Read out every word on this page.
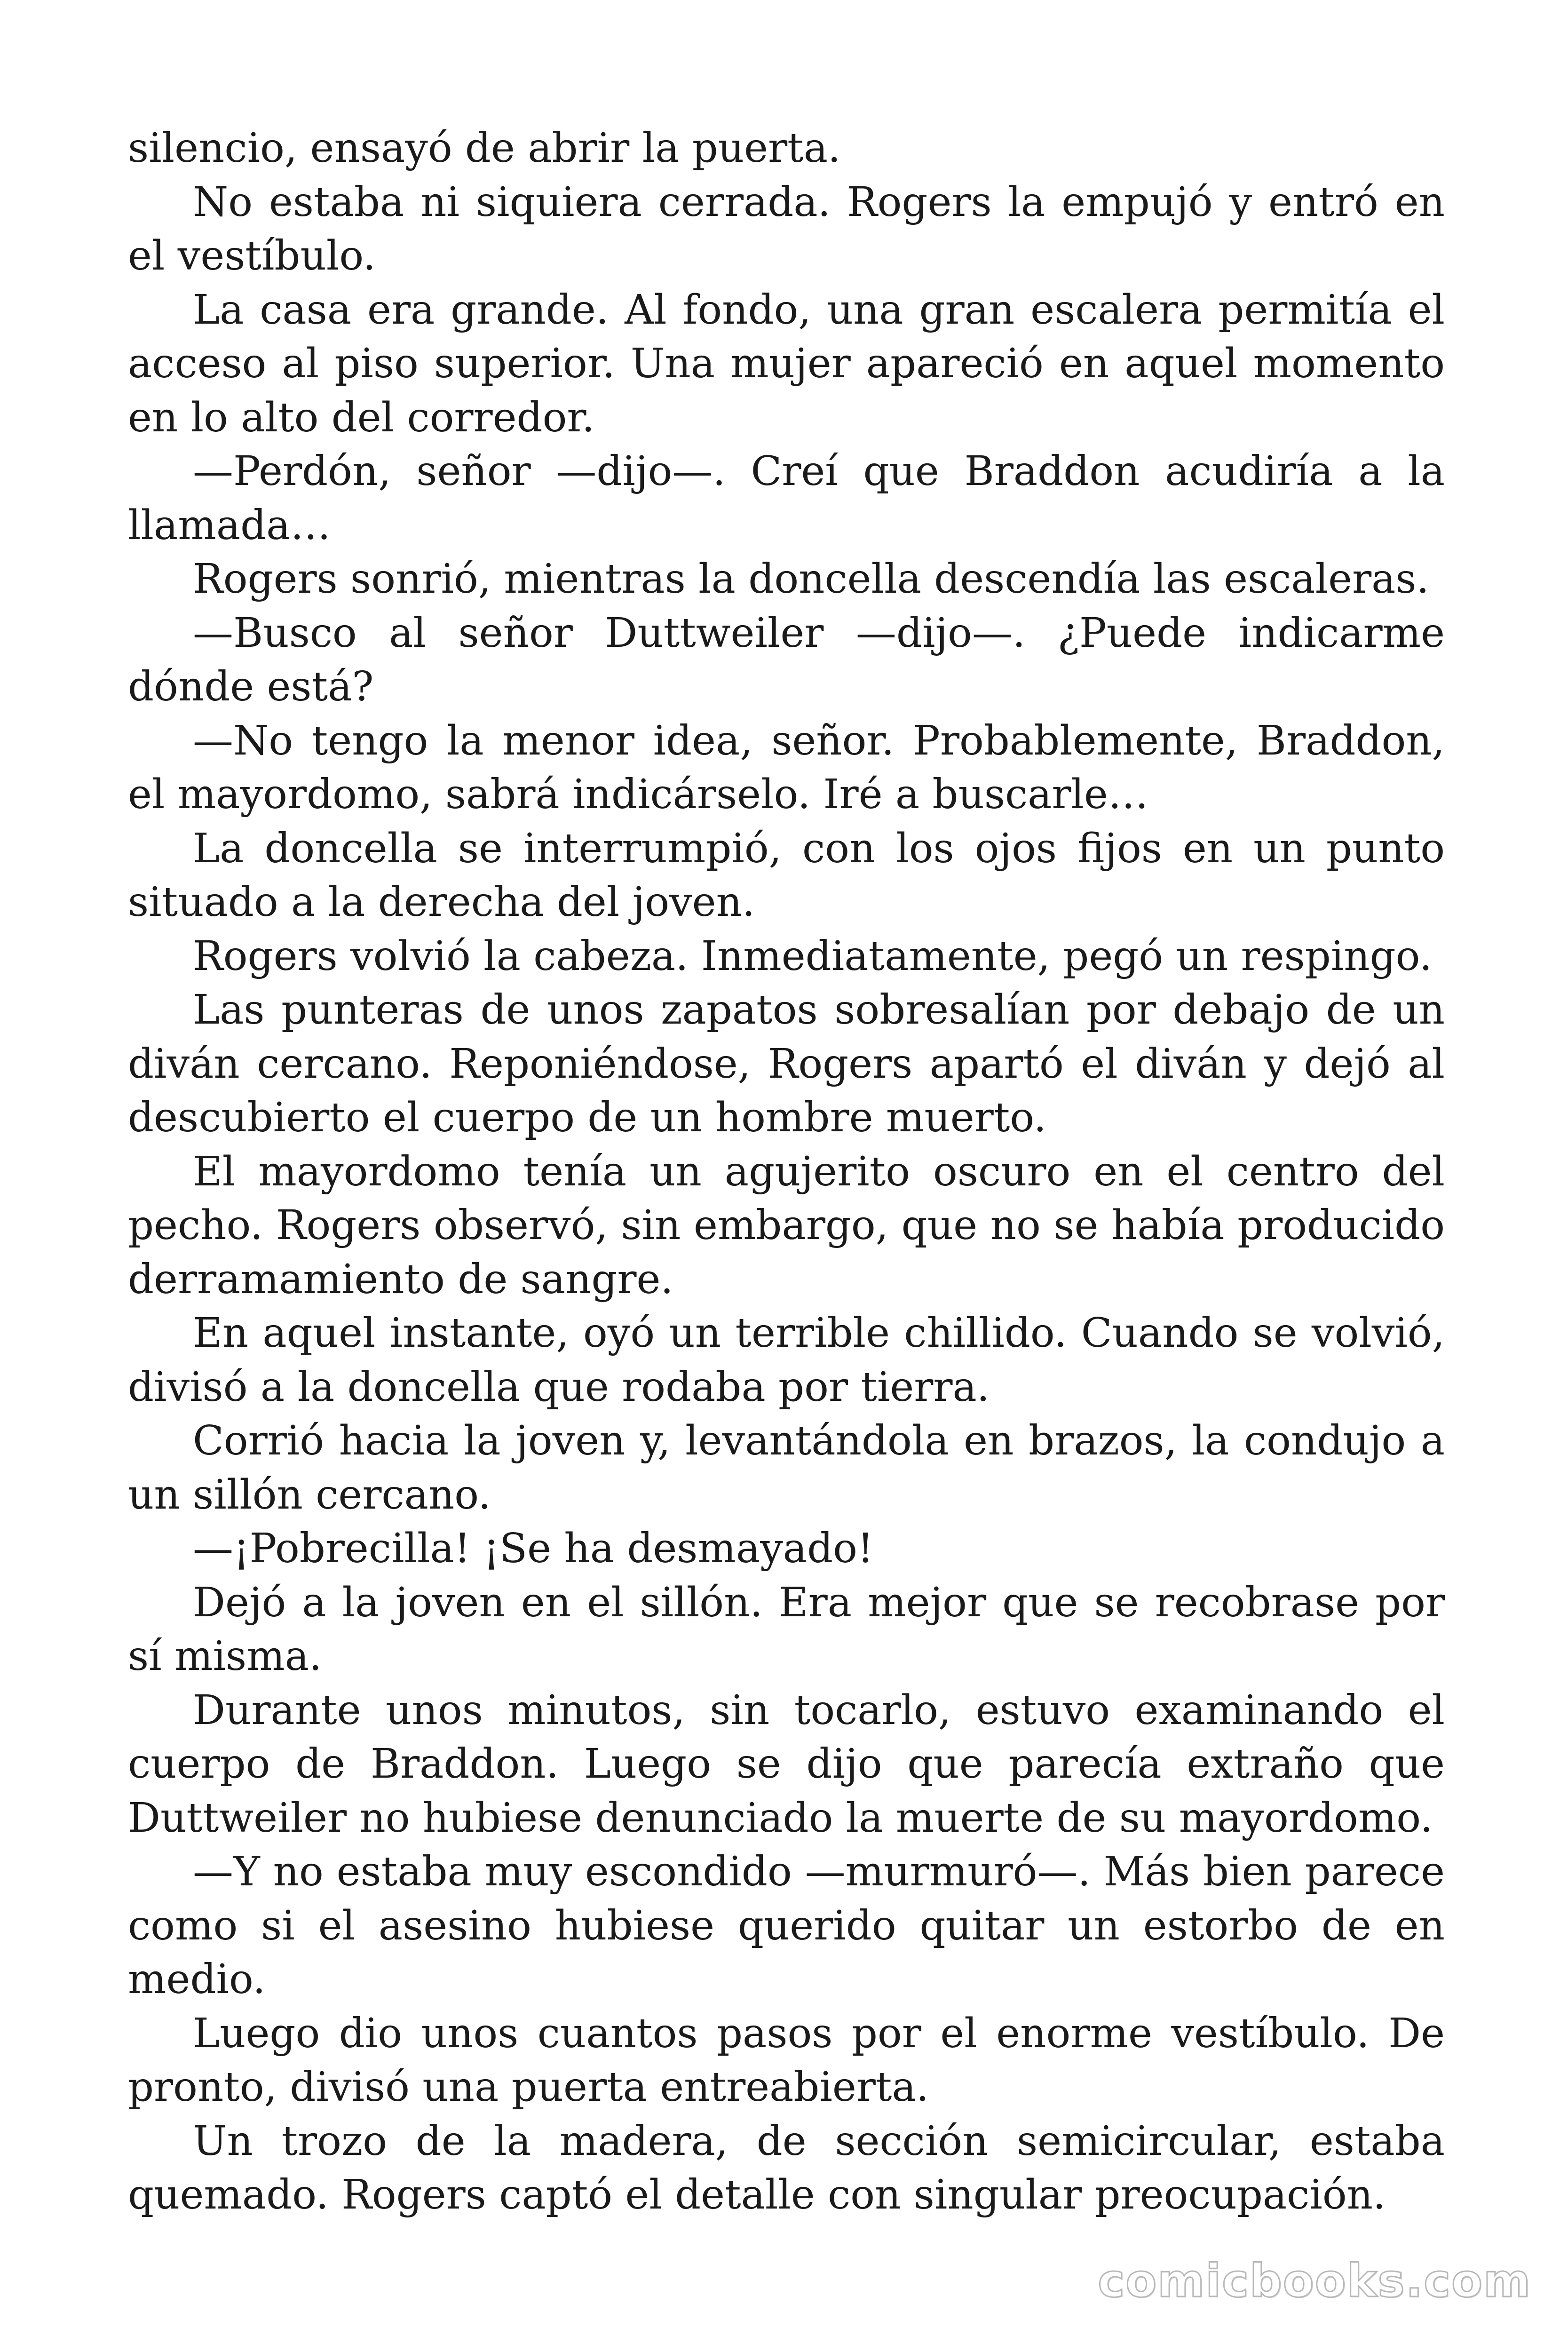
silencio, ensayó de abrir la puerta.

No estaba ni siquiera cerrada. Rogers la empujó y entró en el vestíbulo.

La casa era grande. Al fondo, una gran escalera permitía el acceso al piso superior. Una mujer apareció en aquel momento en lo alto del corredor.

—Perdón, señor —dijo—. Creí que Braddon acudiría a la llamada…

Rogers sonrió, mientras la doncella descendía las escaleras.

—Busco al señor Duttweiler —dijo—. ¿Puede indicarme dónde está?

—No tengo la menor idea, señor. Probablemente, Braddon, el mayordomo, sabrá indicárselo. Iré a buscarle…

La doncella se interrumpió, con los ojos fijos en un punto situado a la derecha del joven.

Rogers volvió la cabeza. Inmediatamente, pegó un respingo.

Las punteras de unos zapatos sobresalían por debajo de un diván cercano. Reponiéndose, Rogers apartó el diván y dejó al descubierto el cuerpo de un hombre muerto.

El mayordomo tenía un agujerito oscuro en el centro del pecho. Rogers observó, sin embargo, que no se había producido derramamiento de sangre.

En aquel instante, oyó un terrible chillido. Cuando se volvió, divisó a la doncella que rodaba por tierra.

Corrió hacia la joven y, levantándola en brazos, la condujo a un sillón cercano.

—¡Pobrecilla! ¡Se ha desmayado!

Dejó a la joven en el sillón. Era mejor que se recobrase por sí misma.

Durante unos minutos, sin tocarlo, estuvo examinando el cuerpo de Braddon. Luego se dijo que parecía extraño que Duttweiler no hubiese denunciado la muerte de su mayordomo.

—Y no estaba muy escondido —murmuró—. Más bien parece como si el asesino hubiese querido quitar un estorbo de en medio.

Luego dio unos cuantos pasos por el enorme vestíbulo. De pronto, divisó una puerta entreabierta.

Un trozo de la madera, de sección semicircular, estaba quemado. Rogers captó el detalle con singular preocupación.

comicbooks.com
